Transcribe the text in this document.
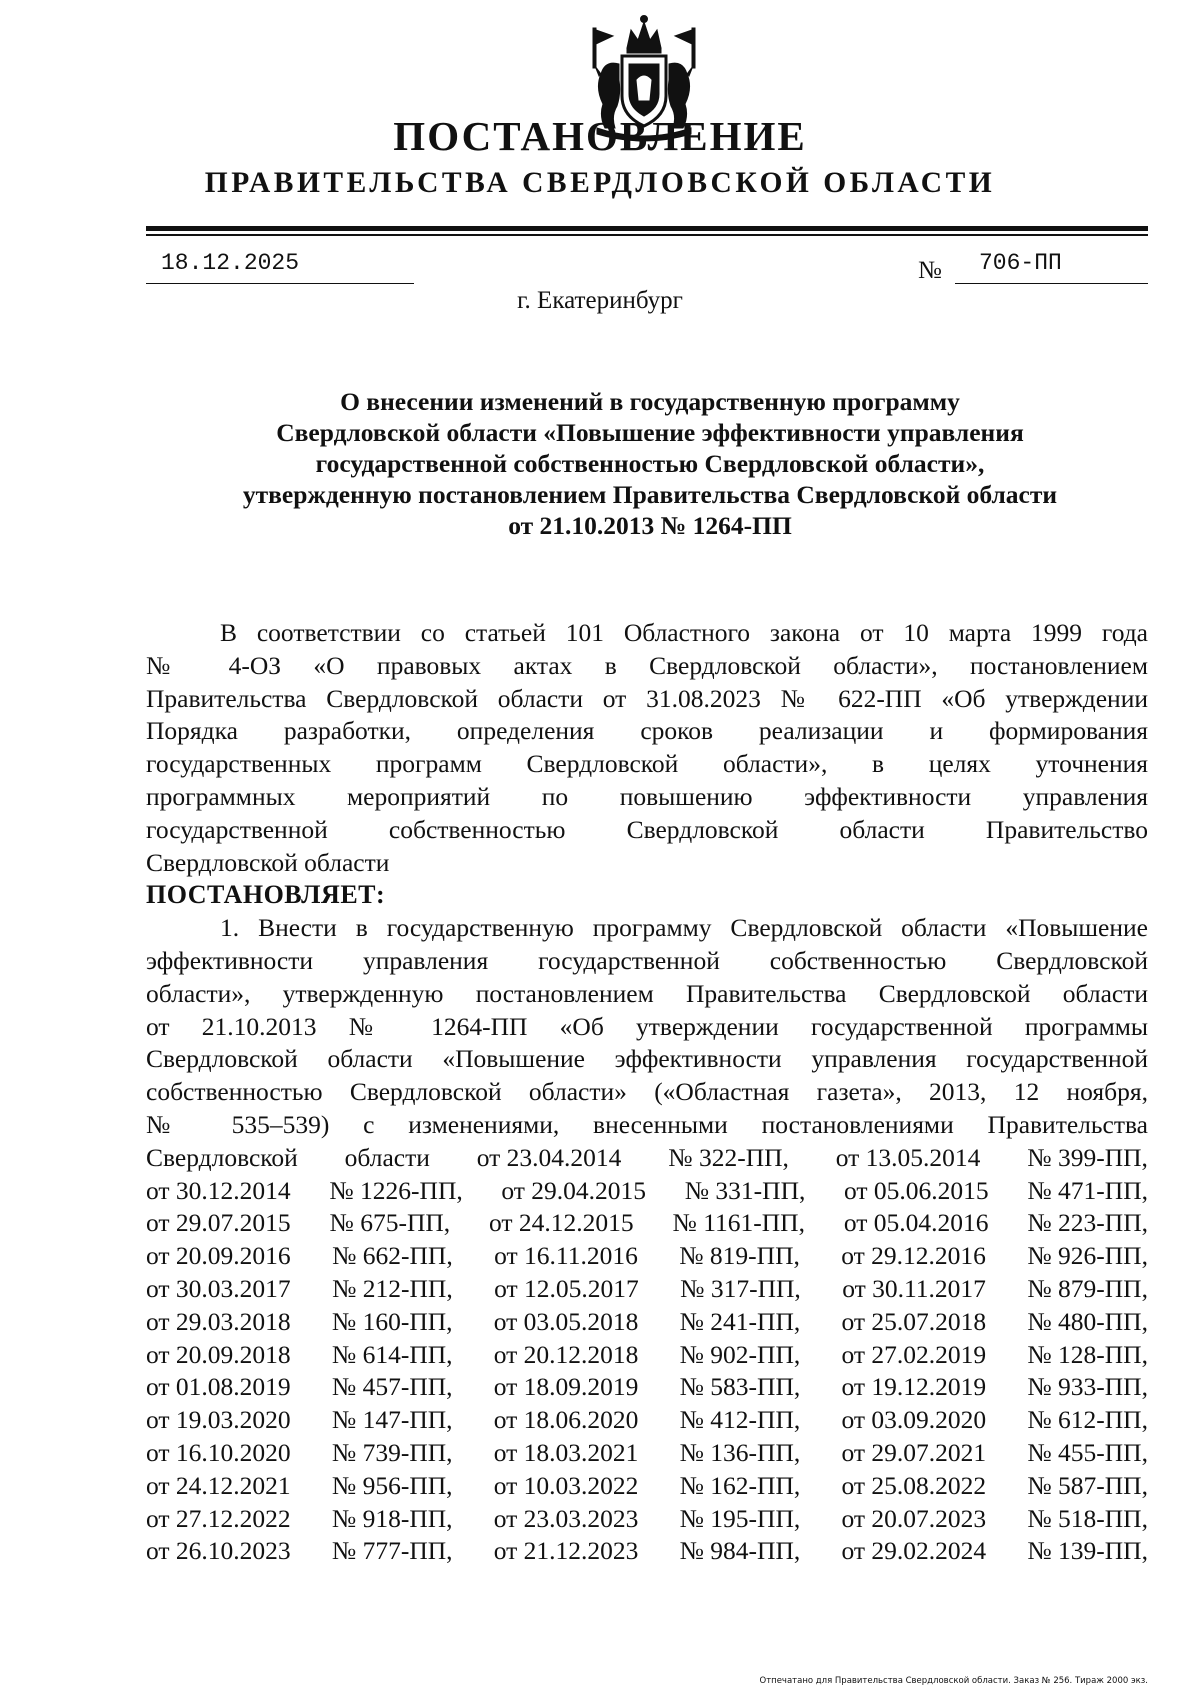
ПОСТАНОВЛЕНИЕ
ПРАВИТЕЛЬСТВА СВЕРДЛОВСКОЙ ОБЛАСТИ
18.12.2025	№	706-ПП
г. Екатеринбург
О внесении изменений в государственную программу
Свердловской области «Повышение эффективности управления
государственной собственностью Свердловской области»,
утвержденную постановлением Правительства Свердловской области
от 21.10.2013 № 1264-ПП
В соответствии со статьей 101 Областного закона от 10 марта 1999 года
№ 4-ОЗ «О правовых актах в Свердловской области», постановлением
Правительства Свердловской области от 31.08.2023 № 622-ПП «Об утверждении
Порядка разработки, определения сроков реализации и формирования
государственных программ Свердловской области», в целях уточнения
программных мероприятий по повышению эффективности управления
государственной собственностью Свердловской области Правительство
Свердловской области
ПОСТАНОВЛЯЕТ:
1. Внести в государственную программу Свердловской области «Повышение
эффективности управления государственной собственностью Свердловской
области», утвержденную постановлением Правительства Свердловской области
от 21.10.2013 № 1264-ПП «Об утверждении государственной программы
Свердловской области «Повышение эффективности управления государственной
собственностью Свердловской области» («Областная газета», 2013, 12 ноября,
№ 535–539) с изменениями, внесенными постановлениями Правительства
Свердловской области от 23.04.2014 № 322-ПП, от 13.05.2014 № 399-ПП,
от 30.12.2014 № 1226-ПП, от 29.04.2015 № 331-ПП, от 05.06.2015 № 471-ПП,
от 29.07.2015 № 675-ПП, от 24.12.2015 № 1161-ПП, от 05.04.2016 № 223-ПП,
от 20.09.2016 № 662-ПП, от 16.11.2016 № 819-ПП, от 29.12.2016 № 926-ПП,
от 30.03.2017 № 212-ПП, от 12.05.2017 № 317-ПП, от 30.11.2017 № 879-ПП,
от 29.03.2018 № 160-ПП, от 03.05.2018 № 241-ПП, от 25.07.2018 № 480-ПП,
от 20.09.2018 № 614-ПП, от 20.12.2018 № 902-ПП, от 27.02.2019 № 128-ПП,
от 01.08.2019 № 457-ПП, от 18.09.2019 № 583-ПП, от 19.12.2019 № 933-ПП,
от 19.03.2020 № 147-ПП, от 18.06.2020 № 412-ПП, от 03.09.2020 № 612-ПП,
от 16.10.2020 № 739-ПП, от 18.03.2021 № 136-ПП, от 29.07.2021 № 455-ПП,
от 24.12.2021 № 956-ПП, от 10.03.2022 № 162-ПП, от 25.08.2022 № 587-ПП,
от 27.12.2022 № 918-ПП, от 23.03.2023 № 195-ПП, от 20.07.2023 № 518-ПП,
от 26.10.2023 № 777-ПП, от 21.12.2023 № 984-ПП, от 29.02.2024 № 139-ПП,
Отпечатано для Правительства Свердловской области. Заказ № 256. Тираж 2000 экз.
